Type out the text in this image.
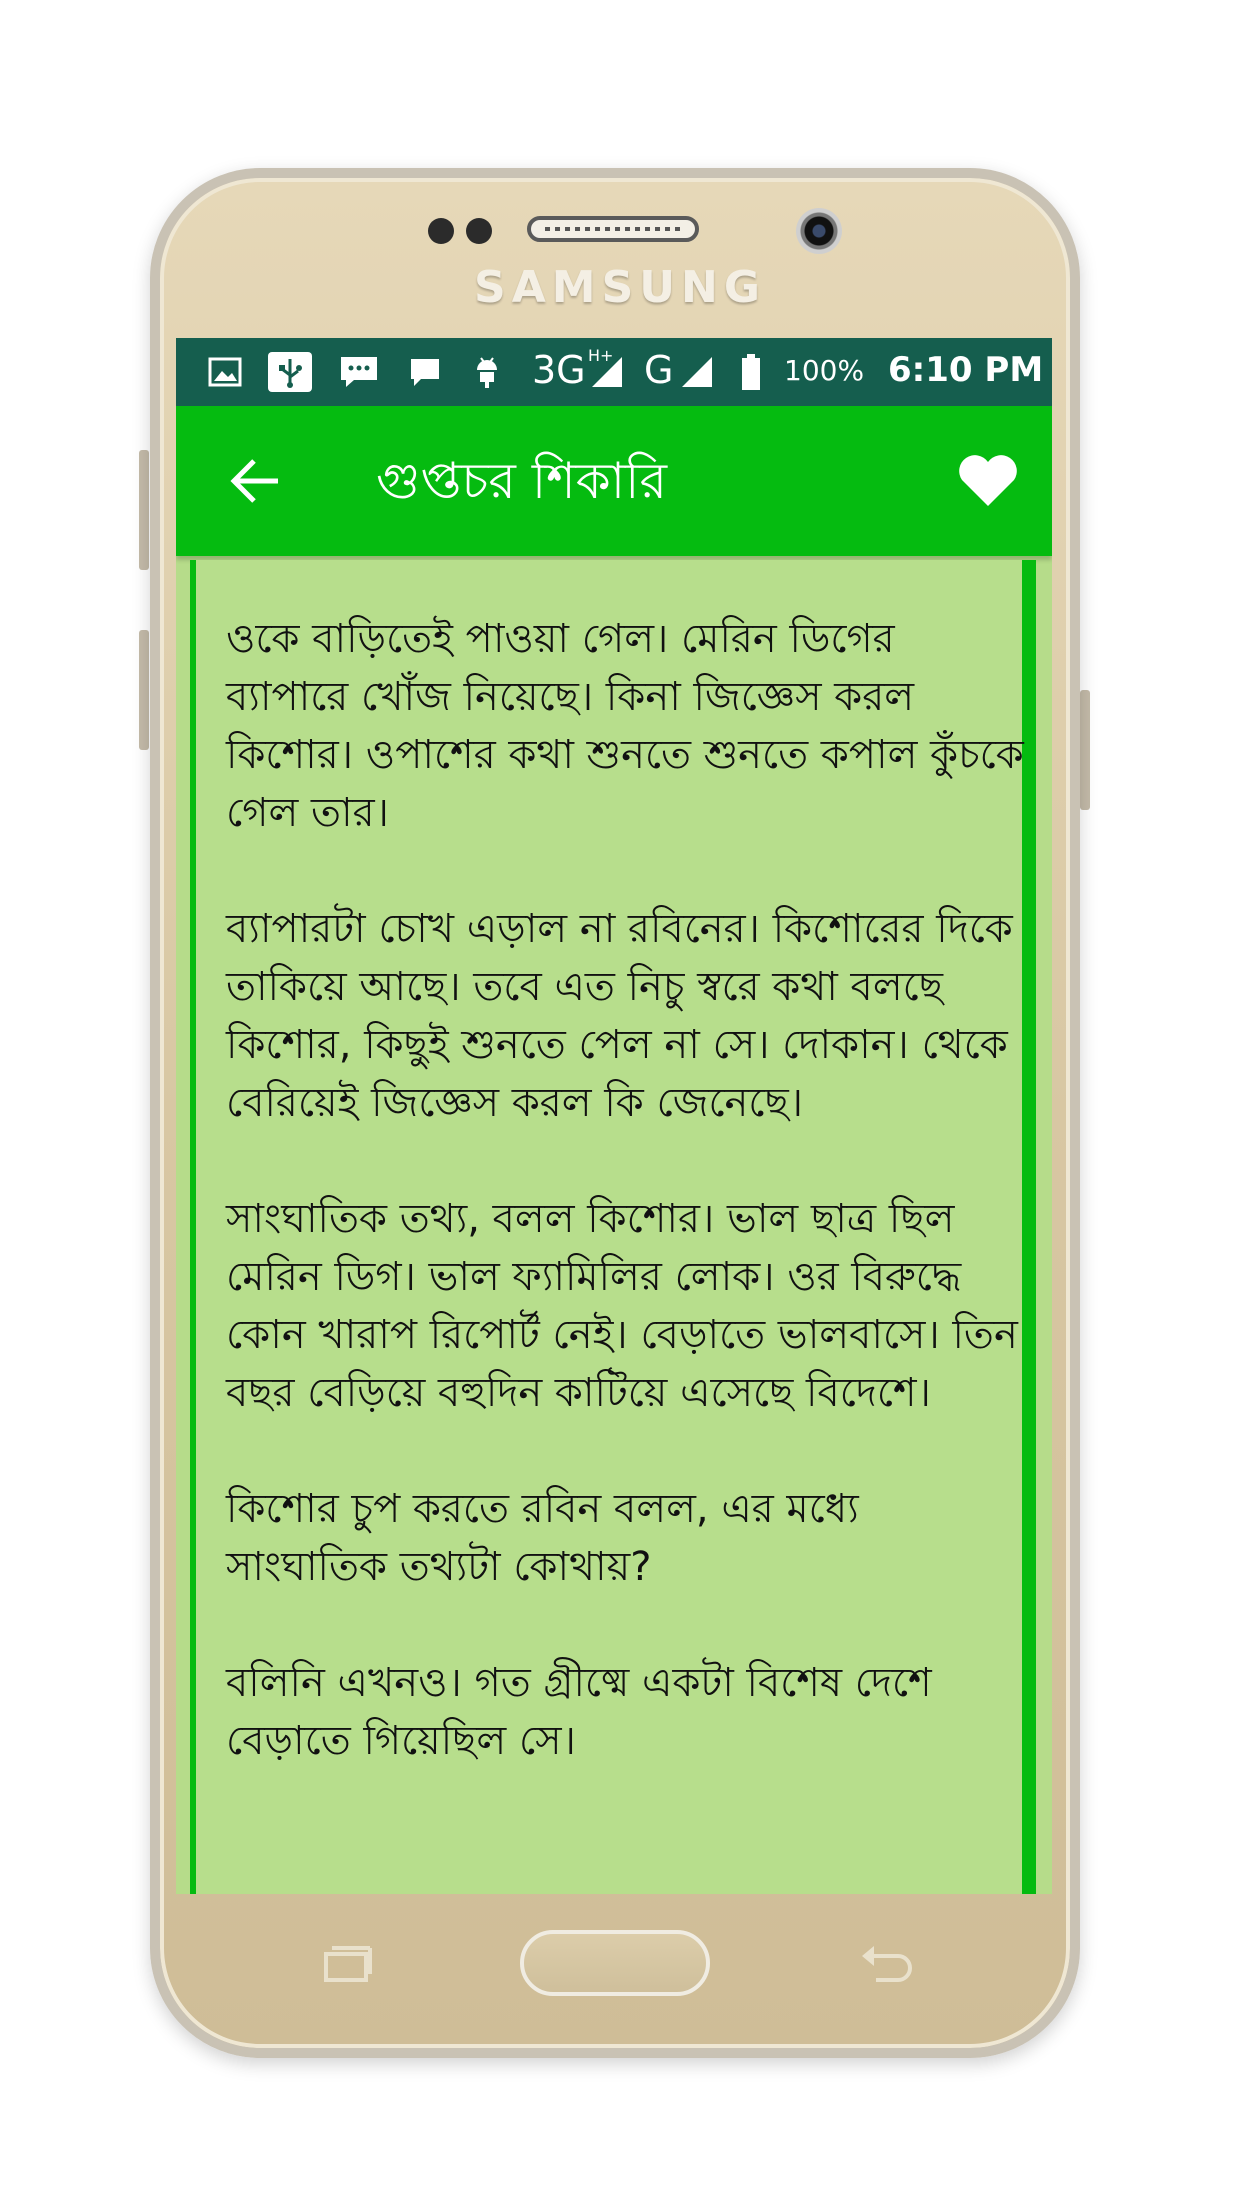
SAMSUNG
3G H+ G	100% 6:10 PM
গুপ্তচর শিকারি

ওকে বাড়িতেই পাওয়া গেল। মেরিন ডিগের ব্যাপারে খোঁজ নিয়েছে। কিনা জিজ্ঞেস করল কিশোর। ওপাশের কথা শুনতে শুনতে কপাল কুঁচকে গেল তার।

ব্যাপারটা চোখ এড়াল না রবিনের। কিশোরের দিকে তাকিয়ে আছে। তবে এত নিচু স্বরে কথা বলছে কিশোর, কিছুই শুনতে পেল না সে। দোকান। থেকে বেরিয়েই জিজ্ঞেস করল কি জেনেছে।

সাংঘাতিক তথ্য, বলল কিশোর। ভাল ছাত্র ছিল মেরিন ডিগ। ভাল ফ্যামিলির লোক। ওর বিরুদ্ধে কোন খারাপ রিপোর্ট নেই। বেড়াতে ভালবাসে। তিন বছর বেড়িয়ে বহুদিন কাটিয়ে এসেছে বিদেশে।

কিশোর চুপ করতে রবিন বলল, এর মধ্যে সাংঘাতিক তথ্যটা কোথায়?

বলিনি এখনও। গত গ্রীষ্মে একটা বিশেষ দেশে বেড়াতে গিয়েছিল সে।
